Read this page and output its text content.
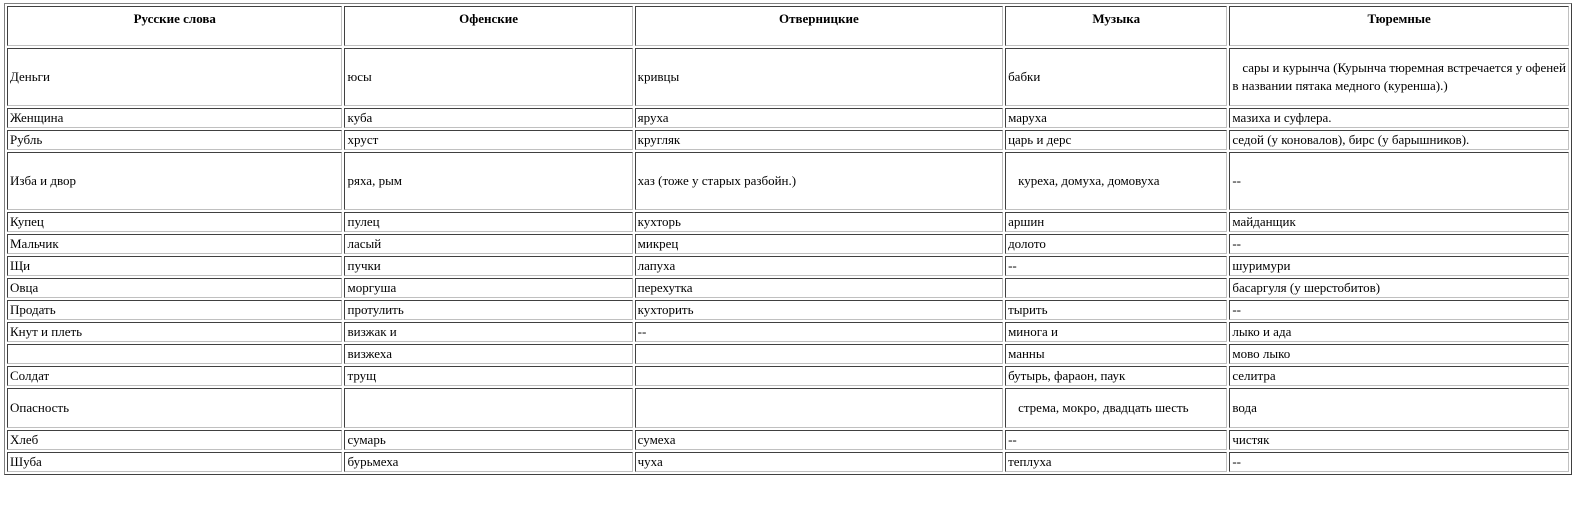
Русские слова	Офенские	Отверницкие	Музыка	Тюремные
Деньги	юсы	кривцы	бабки	сары и курынча (Курынча тюремная встречается у офеней в названии пятака медного (куренша).)
Женщина	куба	яруха	маруха	мазиха и суфлера.
Рубль	хруст	кругляк	царь и дерс	седой (у коновалов), бирс (у барышников).
Изба и двор	ряха, рым	хаз (тоже у старых разбойн.)	куреха, домуха, домовуха	--
Купец	пулец	кухторь	аршин	майданщик
Мальчик	ласый	микрец	долото	--
Щи	пучки	лапуха	--	шуримури
Овца	моргуша	перехутка		басаргуля (у шерстобитов)
Продать	протулить	кухторить	тырить	--
Кнут и плеть	визжак и	--	минога и	лыко и ада
	визжеха		манны	мово лыко
Солдат	трущ		бутырь, фараон, паук	селитра
Опасность			стрема, мокро, двадцать шесть	вода
Хлеб	сумарь	сумеха	--	чистяк
Шуба	бурьмеха	чуха	теплуха	--
